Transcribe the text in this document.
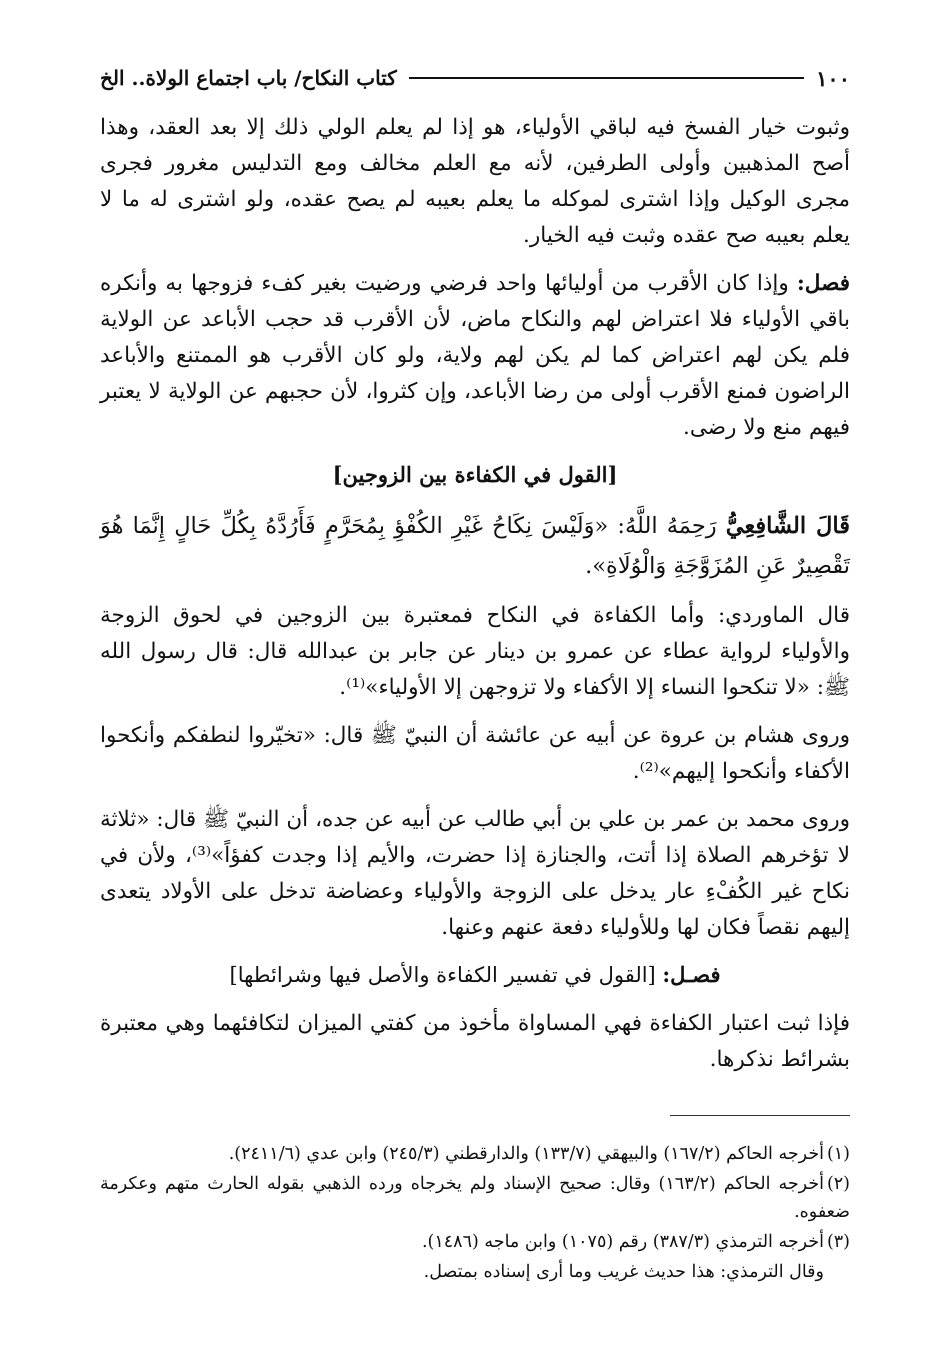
١٠٠
كتاب النكاح/ باب اجتماع الولاة.. الخ

وثبوت خيار الفسخ فيه لباقي الأولياء، هو إذا لم يعلم الولي ذلك إلا بعد العقد، وهذا أصح المذهبين وأولى الطرفين، لأنه مع العلم مخالف ومع التدليس مغرور فجرى مجرى الوكيل وإذا اشترى لموكله ما يعلم بعيبه لم يصح عقده، ولو اشترى له ما لا يعلم بعيبه صح عقده وثبت فيه الخيار.

فصل: وإذا كان الأقرب من أوليائها واحد فرضي ورضيت بغير كفء فزوجها به وأنكره باقي الأولياء فلا اعتراض لهم والنكاح ماض، لأن الأقرب قد حجب الأباعد عن الولاية فلم يكن لهم اعتراض كما لم يكن لهم ولاية، ولو كان الأقرب هو الممتنع والأباعد الراضون فمنع الأقرب أولى من رضا الأباعد، وإن كثروا، لأن حجبهم عن الولاية لا يعتبر فيهم منع ولا رضى.

[القول في الكفاءة بين الزوجين]

قَالَ الشَّافِعِيُّ رَحِمَهُ اللَّهُ: «وَلَيْسَ نِكَاحُ غَيْرِ الكُفْؤِ بِمُحَرَّمٍ فَأَرُدَّهُ بِكُلِّ حَالٍ إِنَّمَا هُوَ تَقْصِيرٌ عَنِ المُزَوَّجَةِ وَالْوُلَاةِ».

قال الماوردي: وأما الكفاءة في النكاح فمعتبرة بين الزوجين في لحوق الزوجة والأولياء لرواية عطاء عن عمرو بن دينار عن جابر بن عبدالله قال: قال رسول الله ﷺ: «لا تنكحوا النساء إلا الأكفاء ولا تزوجهن إلا الأولياء»⁽¹⁾.

وروى هشام بن عروة عن أبيه عن عائشة أن النبيّ ﷺ قال: «تخيّروا لنطفكم وأنكحوا الأكفاء وأنكحوا إليهم»⁽²⁾.

وروى محمد بن عمر بن علي بن أبي طالب عن أبيه عن جده، أن النبيّ ﷺ قال: «ثلاثة لا تؤخرهم الصلاة إذا أتت، والجنازة إذا حضرت، والأيم إذا وجدت كفؤاً»⁽³⁾، ولأن في نكاح غير الكُفْءِ عار يدخل على الزوجة والأولياء وعضاضة تدخل على الأولاد يتعدى إليهم نقصاً فكان لها وللأولياء دفعة عنهم وعنها.

فصـل: [القول في تفسير الكفاءة والأصل فيها وشرائطها]

فإذا ثبت اعتبار الكفاءة فهي المساواة مأخوذ من كفتي الميزان لتكافئهما وهي معتبرة بشرائط نذكرها.

(١)أخرجه الحاكم (١٦٧/٢) والبيهقي (١٣٣/٧) والدارقطني (٢٤٥/٣) وابن عدي (٢٤١١/٦).
(٢)أخرجه الحاكم (١٦٣/٢) وقال: صحيح الإسناد ولم يخرجاه ورده الذهبي بقوله الحارث متهم وعكرمة ضعفوه.
(٣)أخرجه الترمذي (٣٨٧/٣) رقم (١٠٧٥) وابن ماجه (١٤٨٦).
وقال الترمذي: هذا حديث غريب وما أرى إسناده بمتصل.
